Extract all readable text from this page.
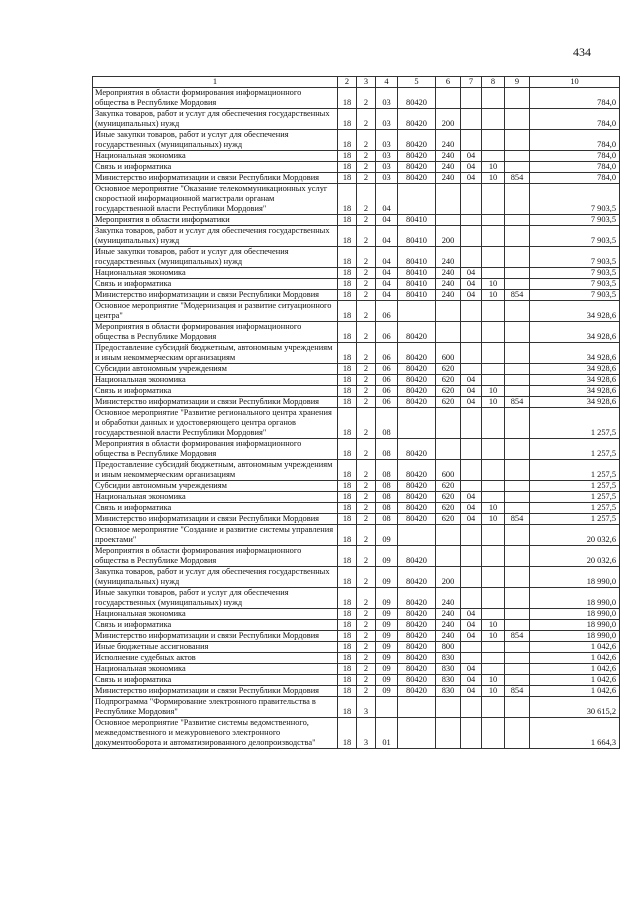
434
1	2	3	4	5	6	7	8	9	10
Мероприятия в области формирования информационного общества в Республике Мордовия	18	2	03	80420					784,0
Закупка товаров, работ и услуг для обеспечения государственных (муниципальных) нужд	18	2	03	80420	200				784,0
Иные закупки товаров, работ и услуг для обеспечения государственных (муниципальных) нужд	18	2	03	80420	240				784,0
Национальная экономика	18	2	03	80420	240	04			784,0
Связь и информатика	18	2	03	80420	240	04	10		784,0
Министерство информатизации и связи Республики Мордовия	18	2	03	80420	240	04	10	854	784,0
Основное мероприятие "Оказание телекоммуникационных услуг скоростной информационной магистрали органам государственной власти Республики Мордовия"	18	2	04						7 903,5
Мероприятия в области информатики	18	2	04	80410					7 903,5
Закупка товаров, работ и услуг для обеспечения государственных (муниципальных) нужд	18	2	04	80410	200				7 903,5
Иные закупки товаров, работ и услуг для обеспечения государственных (муниципальных) нужд	18	2	04	80410	240				7 903,5
Национальная экономика	18	2	04	80410	240	04			7 903,5
Связь и информатика	18	2	04	80410	240	04	10		7 903,5
Министерство информатизации и связи Республики Мордовия	18	2	04	80410	240	04	10	854	7 903,5
Основное мероприятие "Модернизация и развитие ситуационного центра"	18	2	06						34 928,6
Мероприятия в области формирования информационного общества в Республике Мордовия	18	2	06	80420					34 928,6
Предоставление субсидий бюджетным, автономным учреждениям и иным некоммерческим организациям	18	2	06	80420	600				34 928,6
Субсидии автономным учреждениям	18	2	06	80420	620				34 928,6
Национальная экономика	18	2	06	80420	620	04			34 928,6
Связь и информатика	18	2	06	80420	620	04	10		34 928,6
Министерство информатизации и связи Республики Мордовия	18	2	06	80420	620	04	10	854	34 928,6
Основное мероприятие "Развитие регионального центра хранения и обработки данных и удостоверяющего центра органов государственной власти Республики Мордовия"	18	2	08						1 257,5
Мероприятия в области формирования информационного общества в Республике Мордовия	18	2	08	80420					1 257,5
Предоставление субсидий бюджетным, автономным учреждениям и иным некоммерческим организациям	18	2	08	80420	600				1 257,5
Субсидии автономным учреждениям	18	2	08	80420	620				1 257,5
Национальная экономика	18	2	08	80420	620	04			1 257,5
Связь и информатика	18	2	08	80420	620	04	10		1 257,5
Министерство информатизации и связи Республики Мордовия	18	2	08	80420	620	04	10	854	1 257,5
Основное мероприятие "Создание и развитие системы управления проектами"	18	2	09						20 032,6
Мероприятия в области формирования информационного общества в Республике Мордовия	18	2	09	80420					20 032,6
Закупка товаров, работ и услуг для обеспечения государственных (муниципальных) нужд	18	2	09	80420	200				18 990,0
Иные закупки товаров, работ и услуг для обеспечения государственных (муниципальных) нужд	18	2	09	80420	240				18 990,0
Национальная экономика	18	2	09	80420	240	04			18 990,0
Связь и информатика	18	2	09	80420	240	04	10		18 990,0
Министерство информатизации и связи Республики Мордовия	18	2	09	80420	240	04	10	854	18 990,0
Иные бюджетные ассигнования	18	2	09	80420	800				1 042,6
Исполнение судебных актов	18	2	09	80420	830				1 042,6
Национальная экономика	18	2	09	80420	830	04			1 042,6
Связь и информатика	18	2	09	80420	830	04	10		1 042,6
Министерство информатизации и связи Республики Мордовия	18	2	09	80420	830	04	10	854	1 042,6
Подпрограмма "Формирование электронного правительства в Республике Мордовия"	18	3							30 615,2
Основное мероприятие "Развитие системы ведомственного, межведомственного и межуровневого электронного документооборота и автоматизированного делопроизводства"	18	3	01						1 664,3
